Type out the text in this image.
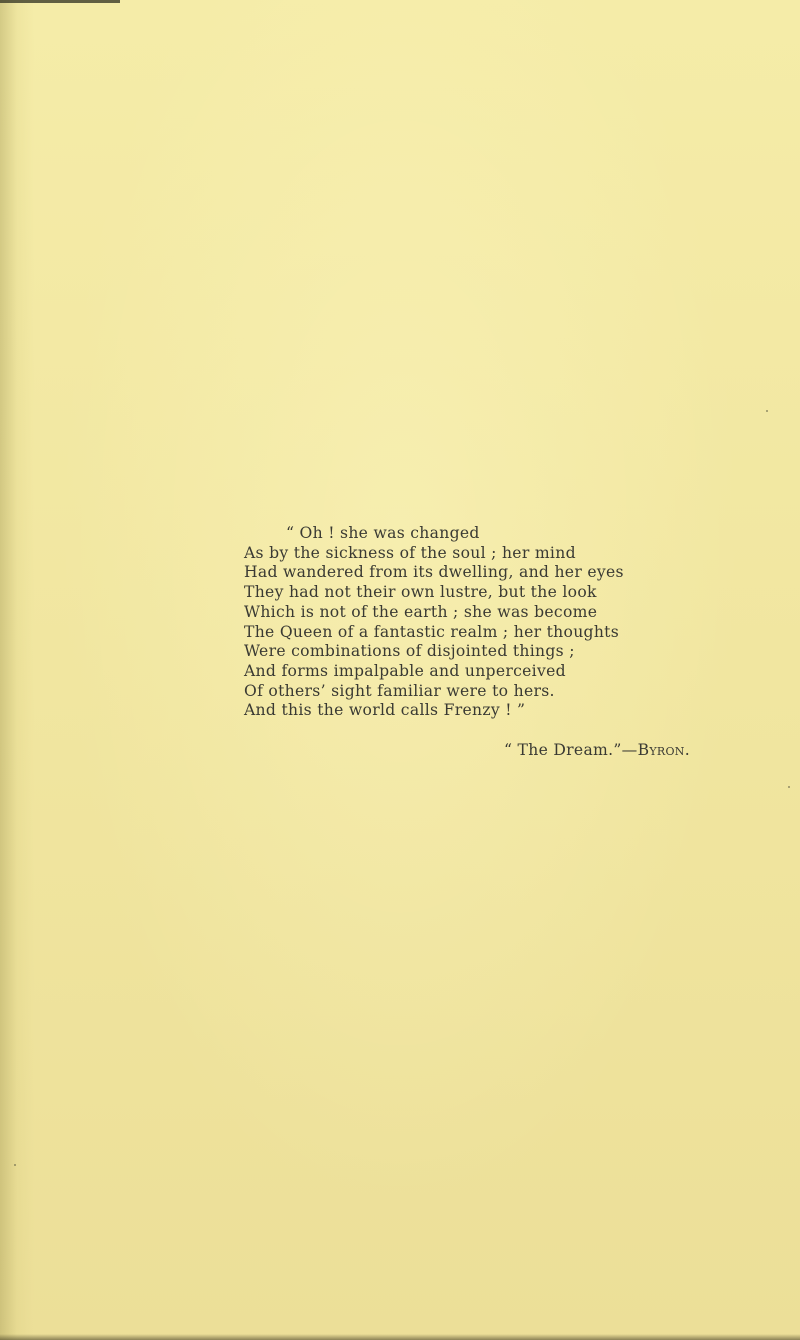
“ Oh ! she was changed
As by the sickness of the soul ; her mind
Had wandered from its dwelling, and her eyes
They had not their own lustre, but the look
Which is not of the earth ; she was become
The Queen of a fantastic realm ; her thoughts
Were combinations of disjointed things ;
And forms impalpable and unperceived
Of others’ sight familiar were to hers.
And this the world calls Frenzy ! ”
“ The Dream.”—Byron.
